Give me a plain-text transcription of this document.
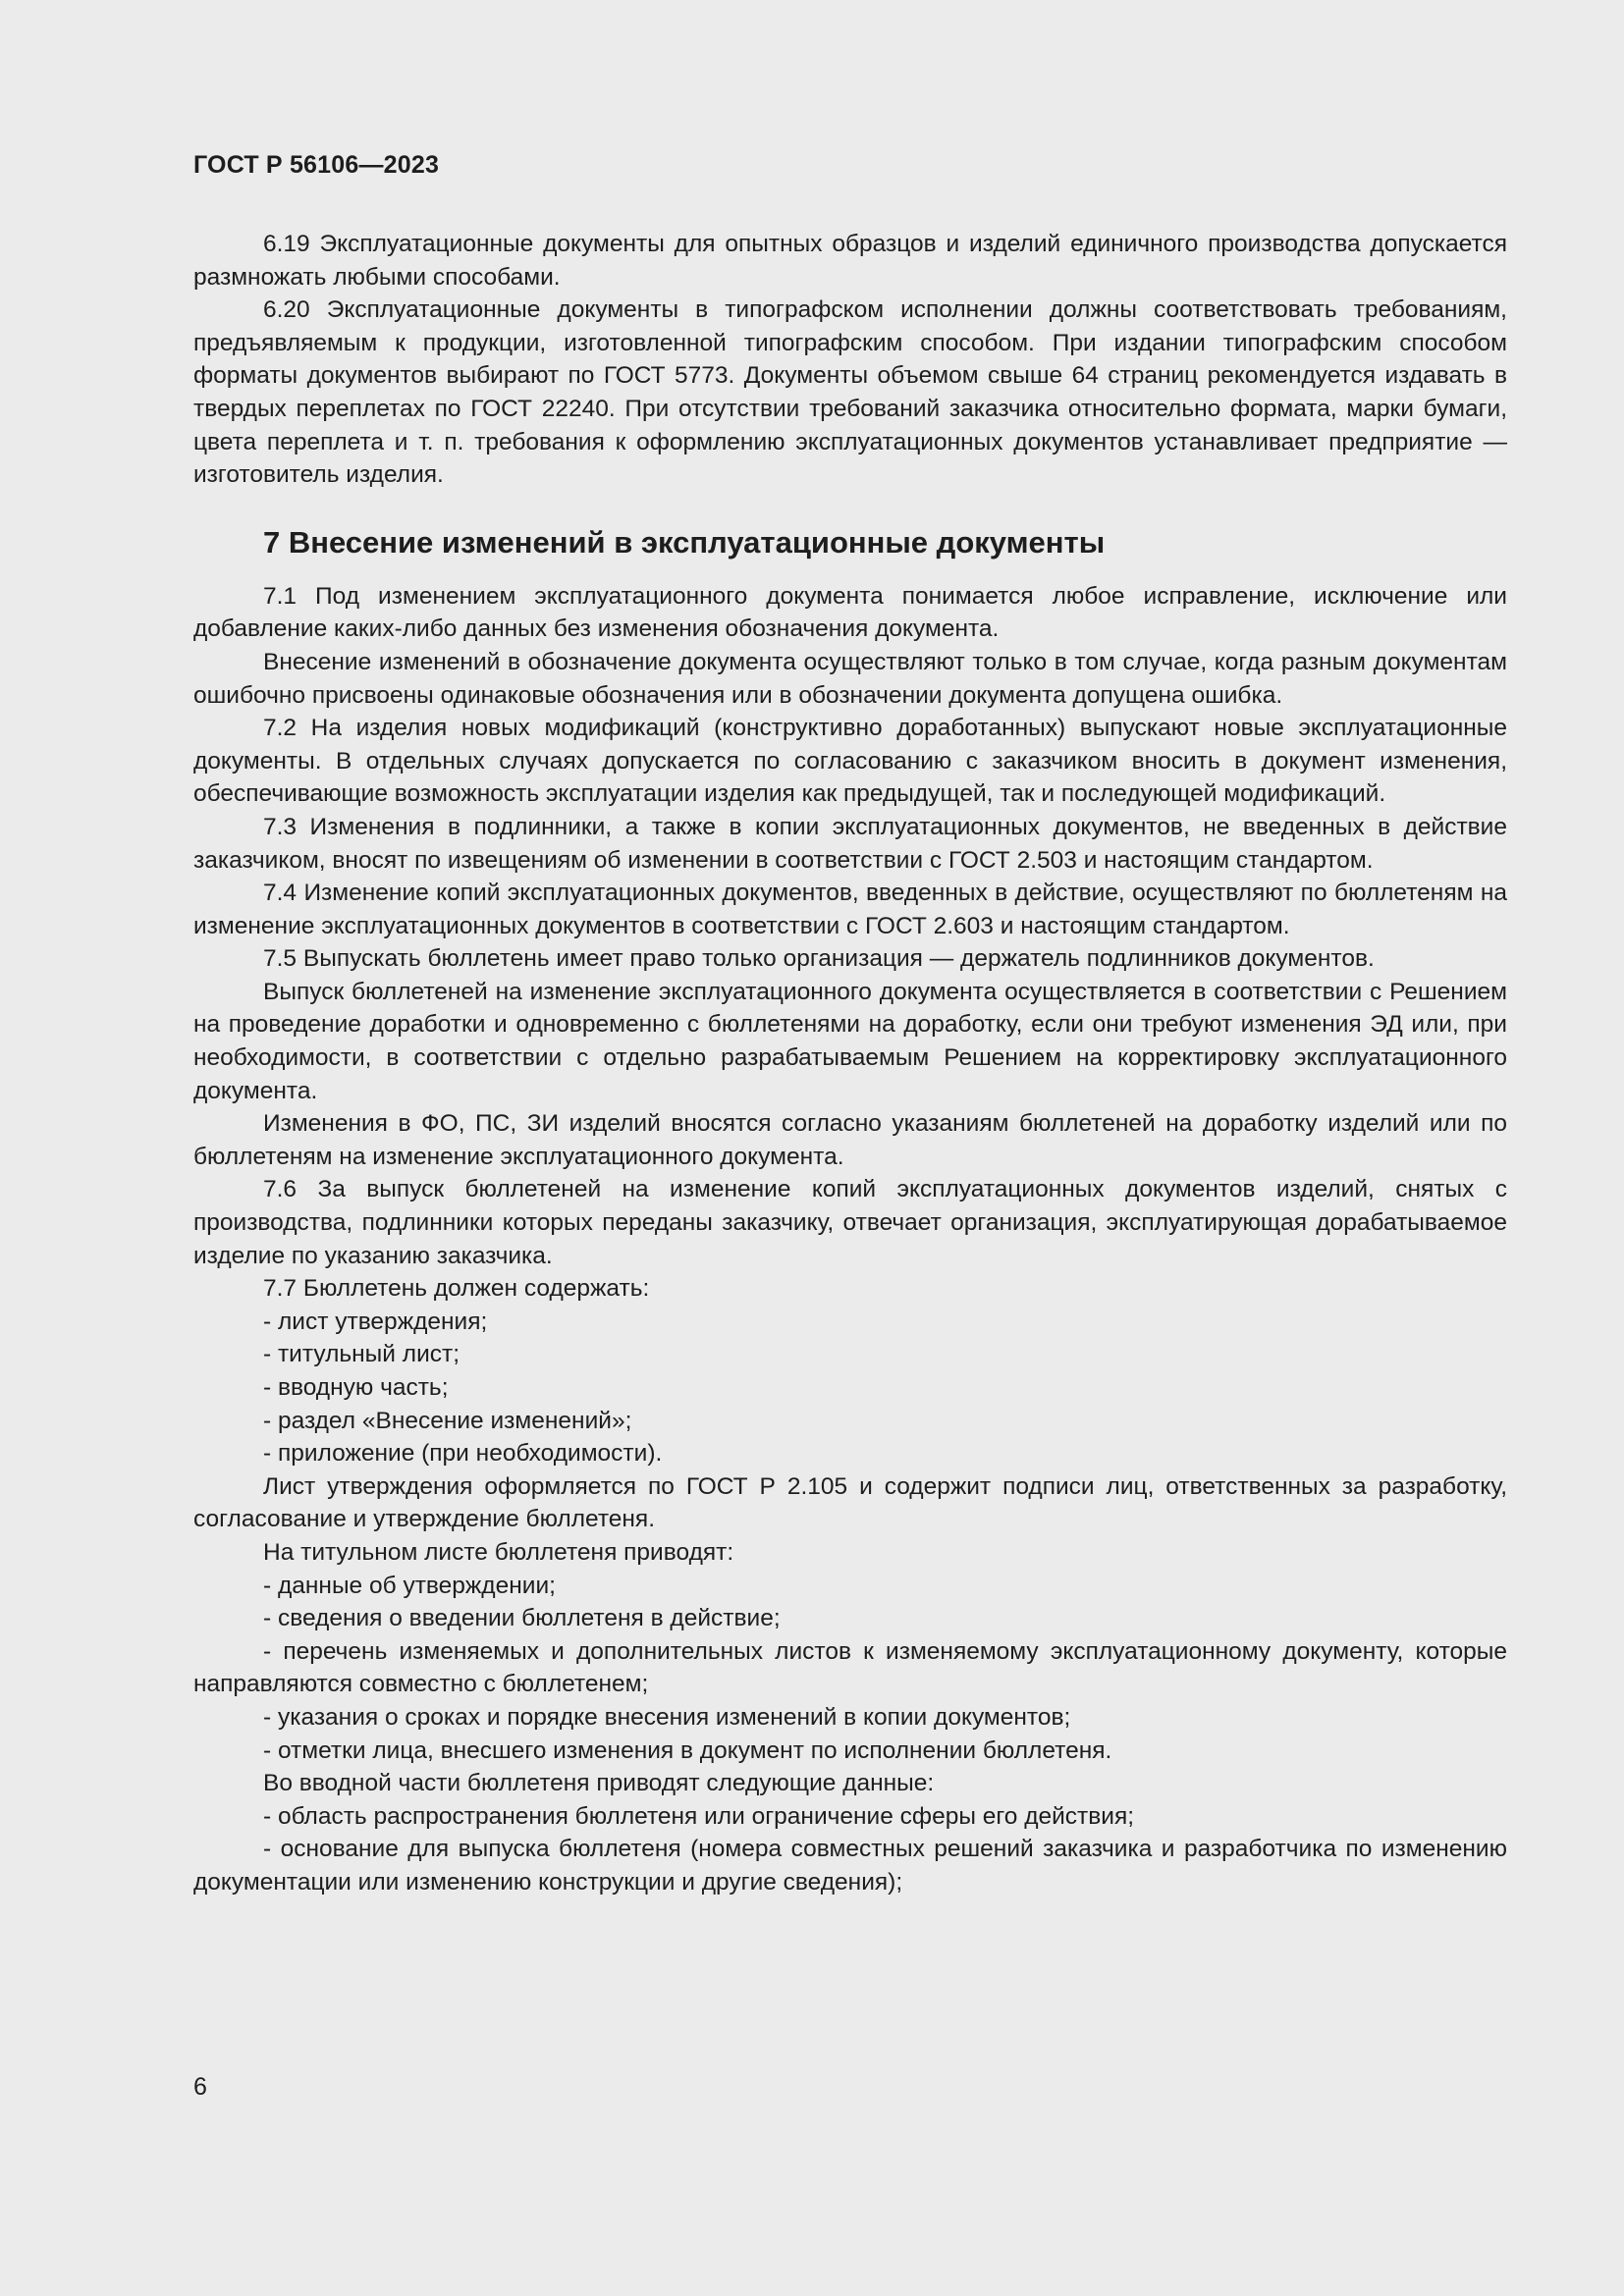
ГОСТ Р 56106—2023

6.19 Эксплуатационные документы для опытных образцов и изделий единичного производства допускается размножать любыми способами.

6.20 Эксплуатационные документы в типографском исполнении должны соответствовать требованиям, предъявляемым к продукции, изготовленной типографским способом. При издании типографским способом форматы документов выбирают по ГОСТ 5773. Документы объемом свыше 64 страниц рекомендуется издавать в твердых переплетах по ГОСТ 22240. При отсутствии требований заказчика относительно формата, марки бумаги, цвета переплета и т. п. требования к оформлению эксплуатационных документов устанавливает предприятие — изготовитель изделия.

7 Внесение изменений в эксплуатационные документы

7.1 Под изменением эксплуатационного документа понимается любое исправление, исключение или добавление каких-либо данных без изменения обозначения документа.

Внесение изменений в обозначение документа осуществляют только в том случае, когда разным документам ошибочно присвоены одинаковые обозначения или в обозначении документа допущена ошибка.

7.2 На изделия новых модификаций (конструктивно доработанных) выпускают новые эксплуатационные документы. В отдельных случаях допускается по согласованию с заказчиком вносить в документ изменения, обеспечивающие возможность эксплуатации изделия как предыдущей, так и последующей модификаций.

7.3 Изменения в подлинники, а также в копии эксплуатационных документов, не введенных в действие заказчиком, вносят по извещениям об изменении в соответствии с ГОСТ 2.503 и настоящим стандартом.

7.4 Изменение копий эксплуатационных документов, введенных в действие, осуществляют по бюллетеням на изменение эксплуатационных документов в соответствии с ГОСТ 2.603 и настоящим стандартом.

7.5 Выпускать бюллетень имеет право только организация — держатель подлинников документов.

Выпуск бюллетеней на изменение эксплуатационного документа осуществляется в соответствии с Решением на проведение доработки и одновременно с бюллетенями на доработку, если они требуют изменения ЭД или, при необходимости, в соответствии с отдельно разрабатываемым Решением на корректировку эксплуатационного документа.

Изменения в ФО, ПС, ЗИ изделий вносятся согласно указаниям бюллетеней на доработку изделий или по бюллетеням на изменение эксплуатационного документа.

7.6 За выпуск бюллетеней на изменение копий эксплуатационных документов изделий, снятых с производства, подлинники которых переданы заказчику, отвечает организация, эксплуатирующая дорабатываемое изделие по указанию заказчика.

7.7 Бюллетень должен содержать:

- лист утверждения;

- титульный лист;

- вводную часть;

- раздел «Внесение изменений»;

- приложение (при необходимости).

Лист утверждения оформляется по ГОСТ Р 2.105 и содержит подписи лиц, ответственных за разработку, согласование и утверждение бюллетеня.

На титульном листе бюллетеня приводят:

- данные об утверждении;

- сведения о введении бюллетеня в действие;

- перечень изменяемых и дополнительных листов к изменяемому эксплуатационному документу, которые направляются совместно с бюллетенем;

- указания о сроках и порядке внесения изменений в копии документов;

- отметки лица, внесшего изменения в документ по исполнении бюллетеня.

Во вводной части бюллетеня приводят следующие данные:

- область распространения бюллетеня или ограничение сферы его действия;

- основание для выпуска бюллетеня (номера совместных решений заказчика и разработчика по изменению документации или изменению конструкции и другие сведения);

6
